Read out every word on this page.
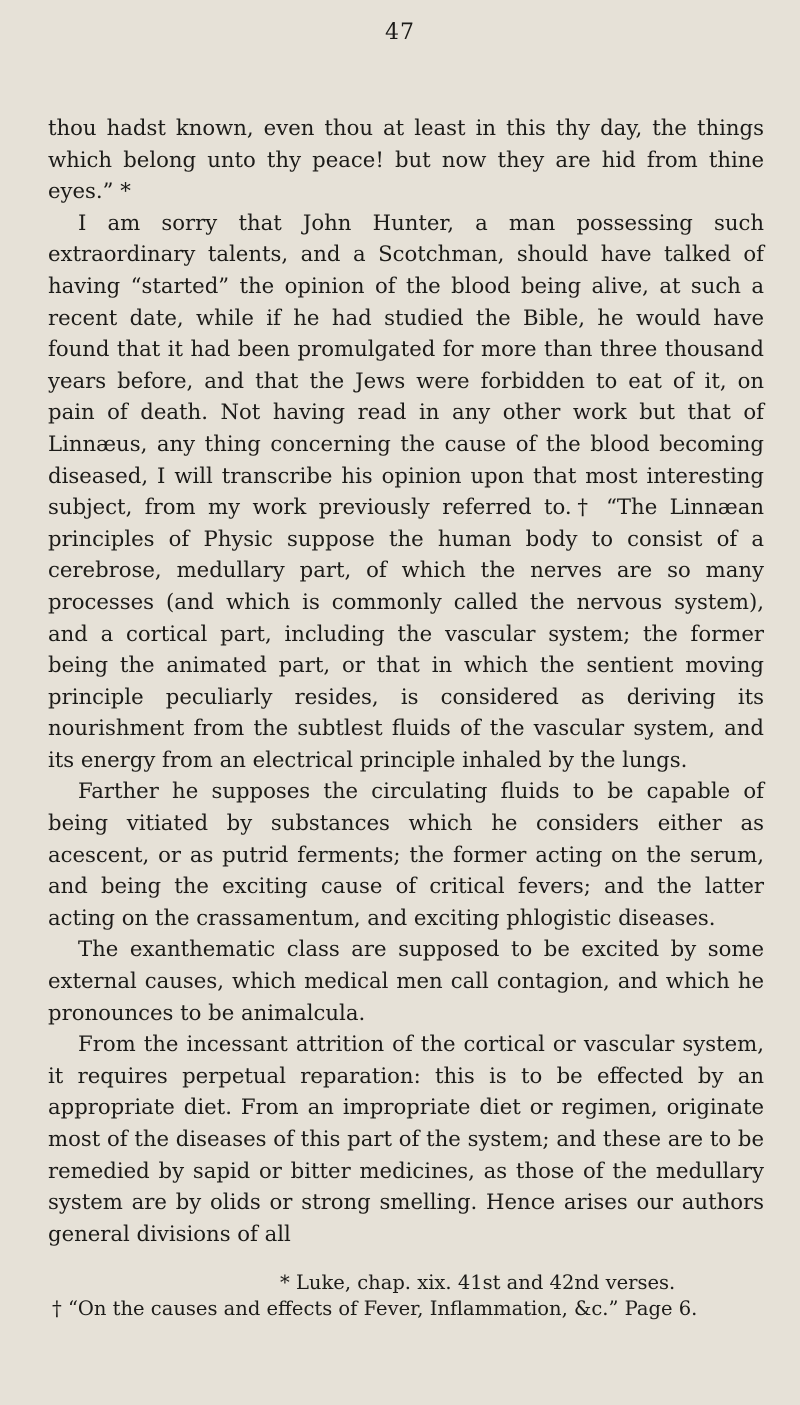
47

thou hadst known, even thou at least in this thy day, the things which belong unto thy peace! but now they are hid from thine eyes.” *

I am sorry that John Hunter, a man possessing such extraordinary talents, and a Scotchman, should have talked of having “started” the opinion of the blood being alive, at such a recent date, while if he had studied the Bible, he would have found that it had been promulgated for more than three thousand years before, and that the Jews were forbidden to eat of it, on pain of death. Not having read in any other work but that of Linnæus, any thing concerning the cause of the blood becoming diseased, I will transcribe his opinion upon that most interesting subject, from my work previously referred to.† “The Linnæan principles of Physic suppose the human body to consist of a cerebrose, medullary part, of which the nerves are so many processes (and which is commonly called the nervous system), and a cortical part, including the vascular system; the former being the animated part, or that in which the sentient moving principle peculiarly resides, is considered as deriving its nourishment from the subtlest fluids of the vascular system, and its energy from an electrical principle inhaled by the lungs.

Farther he supposes the circulating fluids to be capable of being vitiated by substances which he considers either as acescent, or as putrid ferments; the former acting on the serum, and being the exciting cause of critical fevers; and the latter acting on the crassamentum, and exciting phlogistic diseases.

The exanthematic class are supposed to be excited by some external causes, which medical men call contagion, and which he pronounces to be animalcula.

From the incessant attrition of the cortical or vascular system, it requires perpetual reparation: this is to be effected by an appropriate diet. From an impropriate diet or regimen, originate most of the diseases of this part of the system; and these are to be remedied by sapid or bitter medicines, as those of the medullary system are by olids or strong smelling. Hence arises our authors general divisions of all

* Luke, chap. xix. 41st and 42nd verses.

† “On the causes and effects of Fever, Inflammation, &c.” Page 6.
